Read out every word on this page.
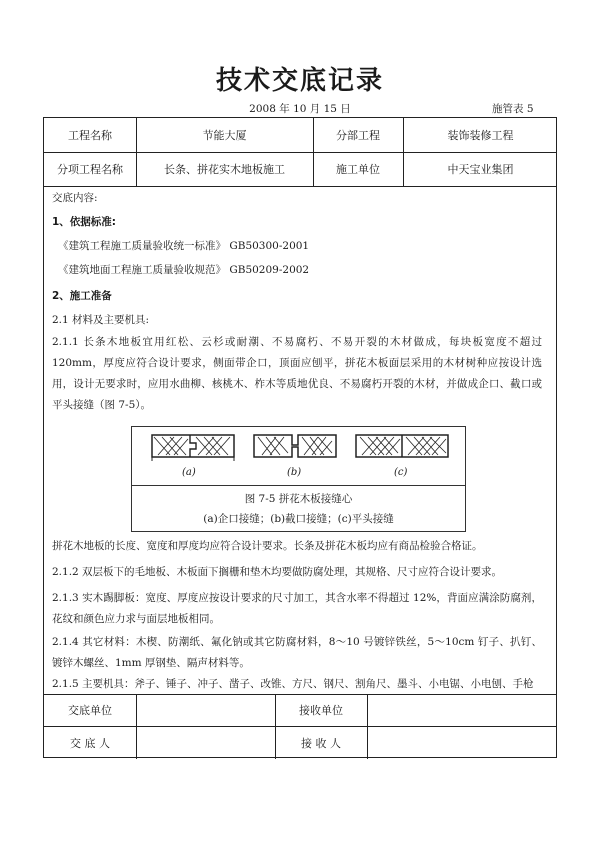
技术交底记录
2008 年 10 月 15 日	施管表 5
工程名称	节能大厦	分部工程	装饰装修工程
分项工程名称	长条、拼花实木地板施工	施工单位	中天宝业集团
交底单位	接收单位
交 底 人	接 收 人
交底内容:
1、依据标准:
《建筑工程施工质量验收统一标准》 GB50300-2001
《建筑地面工程施工质量验收规范》 GB50209-2002
2、施工准备
2.1 材料及主要机具:
2.1.1 长条木地板宜用红松、云杉或耐潮、不易腐朽、不易开裂的木材做成，每块板宽度不超过 120mm，厚度应符合设计要求，侧面带企口，顶面应刨平，拼花木板面层采用的木材树种应按设计选用，设计无要求时，应用水曲柳、核桃木、柞木等质地优良、不易腐朽开裂的木材，并做成企口、截口或平头接缝（图 7-5）。
(a)	(b)	(c)
图 7-5 拼花木板接缝心
(a)企口接缝；(b)截口接缝；(c)平头接缝
拼花木地板的长度、宽度和厚度均应符合设计要求。长条及拼花木板均应有商品检验合格证。
2.1.2 双层板下的毛地板、木板面下搁栅和垫木均要做防腐处理，其规格、尺寸应符合设计要求。
2.1.3 实木踢脚板：宽度、厚度应按设计要求的尺寸加工，其含水率不得超过 12%，背面应满涂防腐剂，花纹和颜色应力求与面层地板相同。
2.1.4 其它材料：木楔、防潮纸、氟化钠或其它防腐材料，8～10 号镀锌铁丝，5～10cm 钉子、扒钉、镀锌木螺丝、1mm 厚钢垫、隔声材料等。
2.1.5 主要机具：斧子、锤子、冲子、凿子、改锥、方尺、钢尺、割角尺、墨斗、小电锯、小电刨、手枪
